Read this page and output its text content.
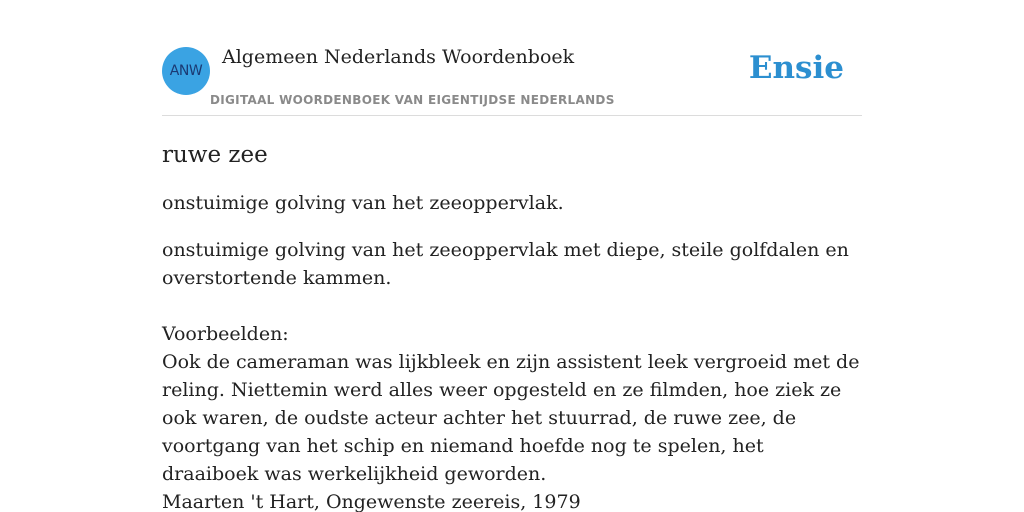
ANW
Algemeen Nederlands Woordenboek
DIGITAAL WOORDENBOEK VAN EIGENTIJDSE NEDERLANDS
Ensie
ruwe zee

onstuimige golving van het zeeoppervlak.

onstuimige golving van het zeeoppervlak met diepe, steile golfdalen en overstortende kammen.

Voorbeelden:

Ook de cameraman was lijkbleek en zijn assistent leek vergroeid met de reling. Niettemin werd alles weer opgesteld en ze filmden, hoe ziek ze ook waren, de oudste acteur achter het stuurrad, de ruwe zee, de voortgang van het schip en niemand hoefde nog te spelen, het draaiboek was werkelijkheid geworden.

Maarten 't Hart, Ongewenste zeereis, 1979
